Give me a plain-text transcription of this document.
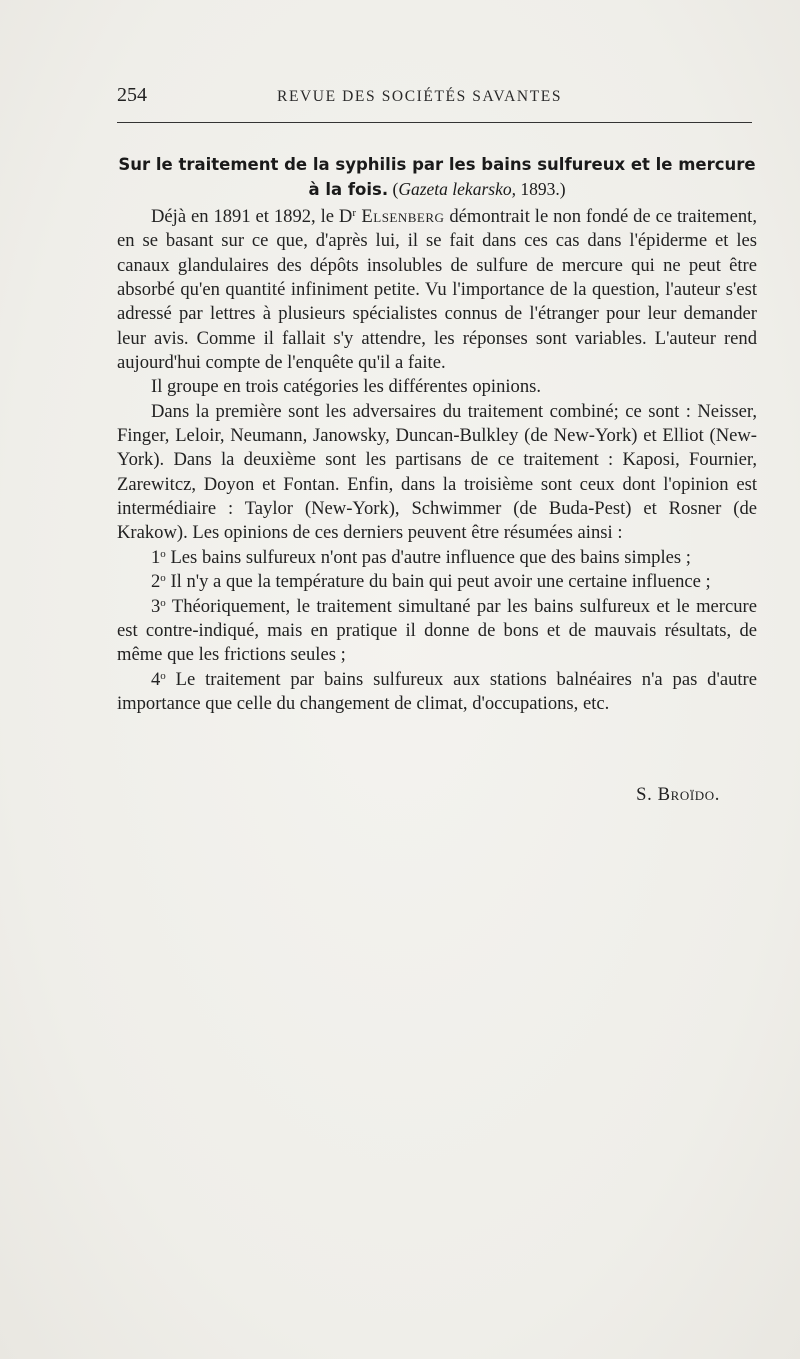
254	REVUE DES SOCIÉTÉS SAVANTES
Sur le traitement de la syphilis par les bains sulfureux et le mercure à la fois. (Gazeta lekarsko, 1893.)

Déjà en 1891 et 1892, le $D^r$ Elsenberg démontrait le non fondé de ce traitement, en se basant sur ce que, d'après lui, il se fait dans ces cas dans l'épiderme et les canaux glandulaires des dépôts insolubles de sulfure de mercure qui ne peut être absorbé qu'en quantité infiniment petite. Vu l'importance de la question, l'auteur s'est adressé par lettres à plusieurs spécialistes connus de l'étranger pour leur demander leur avis. Comme il fallait s'y attendre, les réponses sont variables. L'auteur rend aujourd'hui compte de l'enquête qu'il a faite.

Il groupe en trois catégories les différentes opinions.

Dans la première sont les adversaires du traitement combiné; ce sont : Neisser, Finger, Leloir, Neumann, Janowsky, Duncan-Bulkley (de New-York) et Elliot (New-York). Dans la deuxième sont les partisans de ce traitement : Kaposi, Fournier, Zarewitcz, Doyon et Fontan. Enfin, dans la troisième sont ceux dont l'opinion est intermédiaire : Taylor (New-York), Schwimmer (de Buda-Pest) et Rosner (de Krakow). Les opinions de ces derniers peuvent être résumées ainsi :

1$^o$ Les bains sulfureux n'ont pas d'autre influence que des bains simples ;

2$^o$ Il n'y a que la température du bain qui peut avoir une certaine influence ;

3$^o$ Théoriquement, le traitement simultané par les bains sulfureux et le mercure est contre-indiqué, mais en pratique il donne de bons et de mauvais résultats, de même que les frictions seules ;

4$^o$ Le traitement par bains sulfureux aux stations balnéaires n'a pas d'autre importance que celle du changement de climat, d'occupations, etc.

S. Broïdo.
